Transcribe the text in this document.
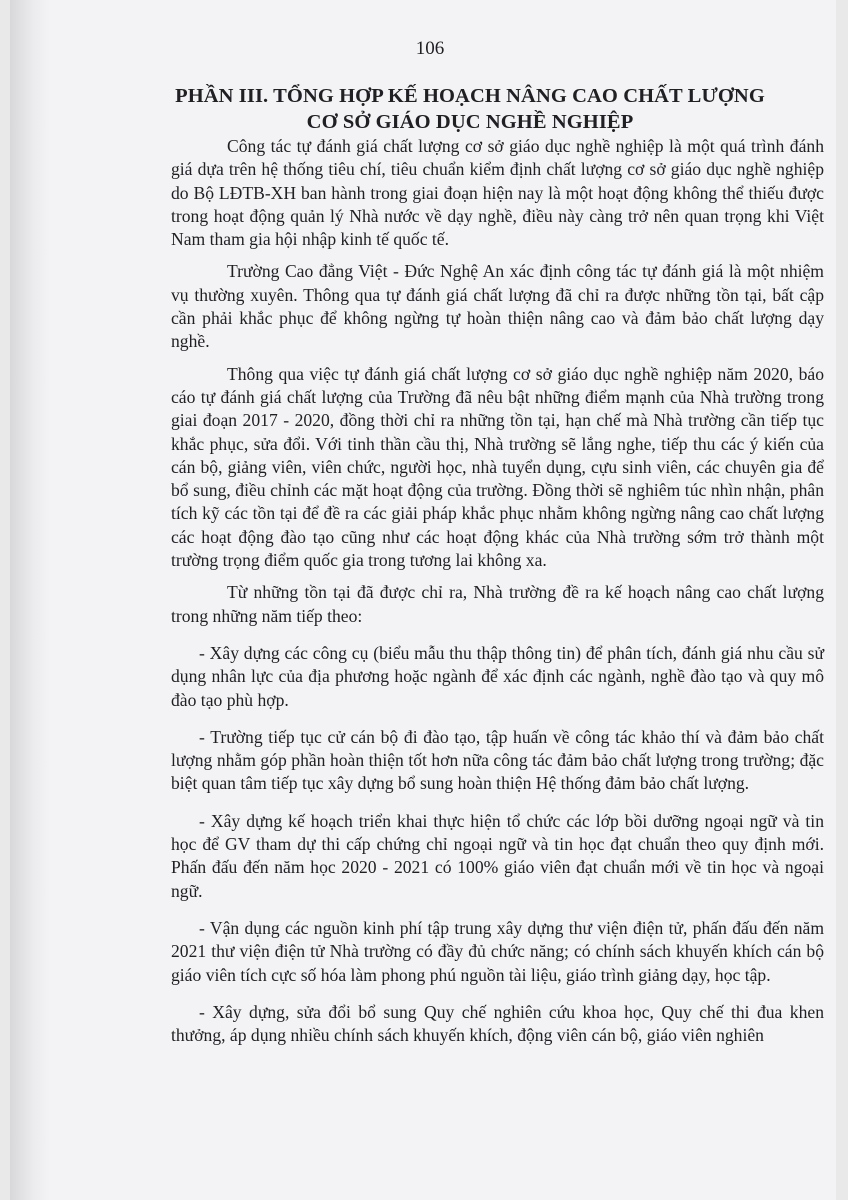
106
PHẦN III. TỔNG HỢP KẾ HOẠCH NÂNG CAO CHẤT LƯỢNG
CƠ SỞ GIÁO DỤC NGHỀ NGHIỆP

Công tác tự đánh giá chất lượng cơ sở giáo dục nghề nghiệp là một quá trình đánh giá dựa trên hệ thống tiêu chí, tiêu chuẩn kiểm định chất lượng cơ sở giáo dục nghề nghiệp do Bộ LĐTB-XH ban hành trong giai đoạn hiện nay là một hoạt động không thể thiếu được trong hoạt động quản lý Nhà nước về dạy nghề, điều này càng trở nên quan trọng khi Việt Nam tham gia hội nhập kinh tế quốc tế.

Trường Cao đẳng Việt - Đức Nghệ An xác định công tác tự đánh giá là một nhiệm vụ thường xuyên. Thông qua tự đánh giá chất lượng đã chỉ ra được những tồn tại, bất cập cần phải khắc phục để không ngừng tự hoàn thiện nâng cao và đảm bảo chất lượng dạy nghề.

Thông qua việc tự đánh giá chất lượng cơ sở giáo dục nghề nghiệp năm 2020, báo cáo tự đánh giá chất lượng của Trường đã nêu bật những điểm mạnh của Nhà trường trong giai đoạn 2017 - 2020, đồng thời chỉ ra những tồn tại, hạn chế mà Nhà trường cần tiếp tục khắc phục, sửa đổi. Với tinh thần cầu thị, Nhà trường sẽ lắng nghe, tiếp thu các ý kiến của cán bộ, giảng viên, viên chức, người học, nhà tuyển dụng, cựu sinh viên, các chuyên gia để bổ sung, điều chỉnh các mặt hoạt động của trường. Đồng thời sẽ nghiêm túc nhìn nhận, phân tích kỹ các tồn tại để đề ra các giải pháp khắc phục nhằm không ngừng nâng cao chất lượng các hoạt động đào tạo cũng như các hoạt động khác của Nhà trường sớm trở thành một trường trọng điểm quốc gia trong tương lai không xa.

Từ những tồn tại đã được chỉ ra, Nhà trường đề ra kế hoạch nâng cao chất lượng trong những năm tiếp theo:

- Xây dựng các công cụ (biểu mẫu thu thập thông tin) để phân tích, đánh giá nhu cầu sử dụng nhân lực của địa phương hoặc ngành để xác định các ngành, nghề đào tạo và quy mô đào tạo phù hợp.

- Trường tiếp tục cử cán bộ đi đào tạo, tập huấn về công tác khảo thí và đảm bảo chất lượng nhằm góp phần hoàn thiện tốt hơn nữa công tác đảm bảo chất lượng trong trường; đặc biệt quan tâm tiếp tục xây dựng bổ sung hoàn thiện Hệ thống đảm bảo chất lượng.

- Xây dựng kế hoạch triển khai thực hiện tổ chức các lớp bồi dưỡng ngoại ngữ và tin học để GV tham dự thi cấp chứng chỉ ngoại ngữ và tin học đạt chuẩn theo quy định mới. Phấn đấu đến năm học 2020 - 2021 có 100% giáo viên đạt chuẩn mới về tin học và ngoại ngữ.

- Vận dụng các nguồn kinh phí tập trung xây dựng thư viện điện tử, phấn đấu đến năm 2021 thư viện điện tử Nhà trường có đầy đủ chức năng; có chính sách khuyến khích cán bộ giáo viên tích cực số hóa làm phong phú nguồn tài liệu, giáo trình giảng dạy, học tập.

- Xây dựng, sửa đổi bổ sung Quy chế nghiên cứu khoa học, Quy chế thi đua khen thưởng, áp dụng nhiều chính sách khuyến khích, động viên cán bộ, giáo viên nghiên
